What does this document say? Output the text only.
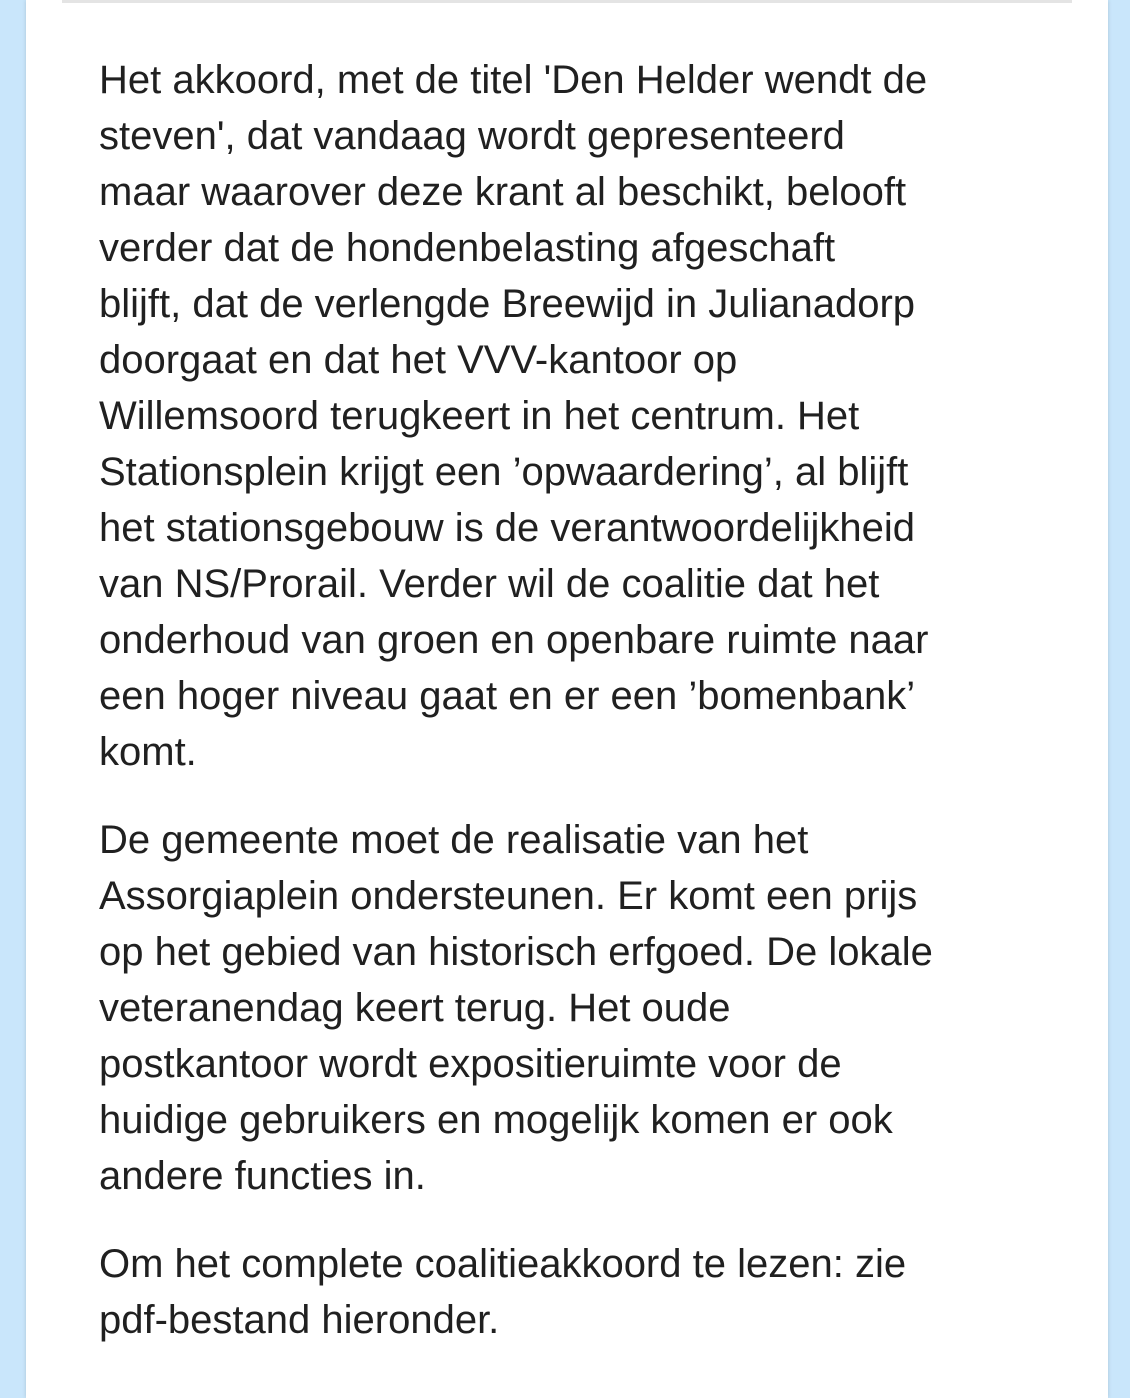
Het akkoord, met de titel 'Den Helder wendt de
steven', dat vandaag wordt gepresenteerd
maar waarover deze krant al beschikt, belooft
verder dat de hondenbelasting afgeschaft
blijft, dat de verlengde Breewijd in Julianadorp
doorgaat en dat het VVV-kantoor op
Willemsoord terugkeert in het centrum. Het
Stationsplein krijgt een ’opwaardering’, al blijft
het stationsgebouw is de verantwoordelijkheid
van NS/Prorail. Verder wil de coalitie dat het
onderhoud van groen en openbare ruimte naar
een hoger niveau gaat en er een ’bomenbank’
komt.

De gemeente moet de realisatie van het
Assorgiaplein ondersteunen. Er komt een prijs
op het gebied van historisch erfgoed. De lokale
veteranendag keert terug. Het oude
postkantoor wordt expositieruimte voor de
huidige gebruikers en mogelijk komen er ook
andere functies in.

Om het complete coalitieakkoord te lezen: zie
pdf-bestand hieronder.
